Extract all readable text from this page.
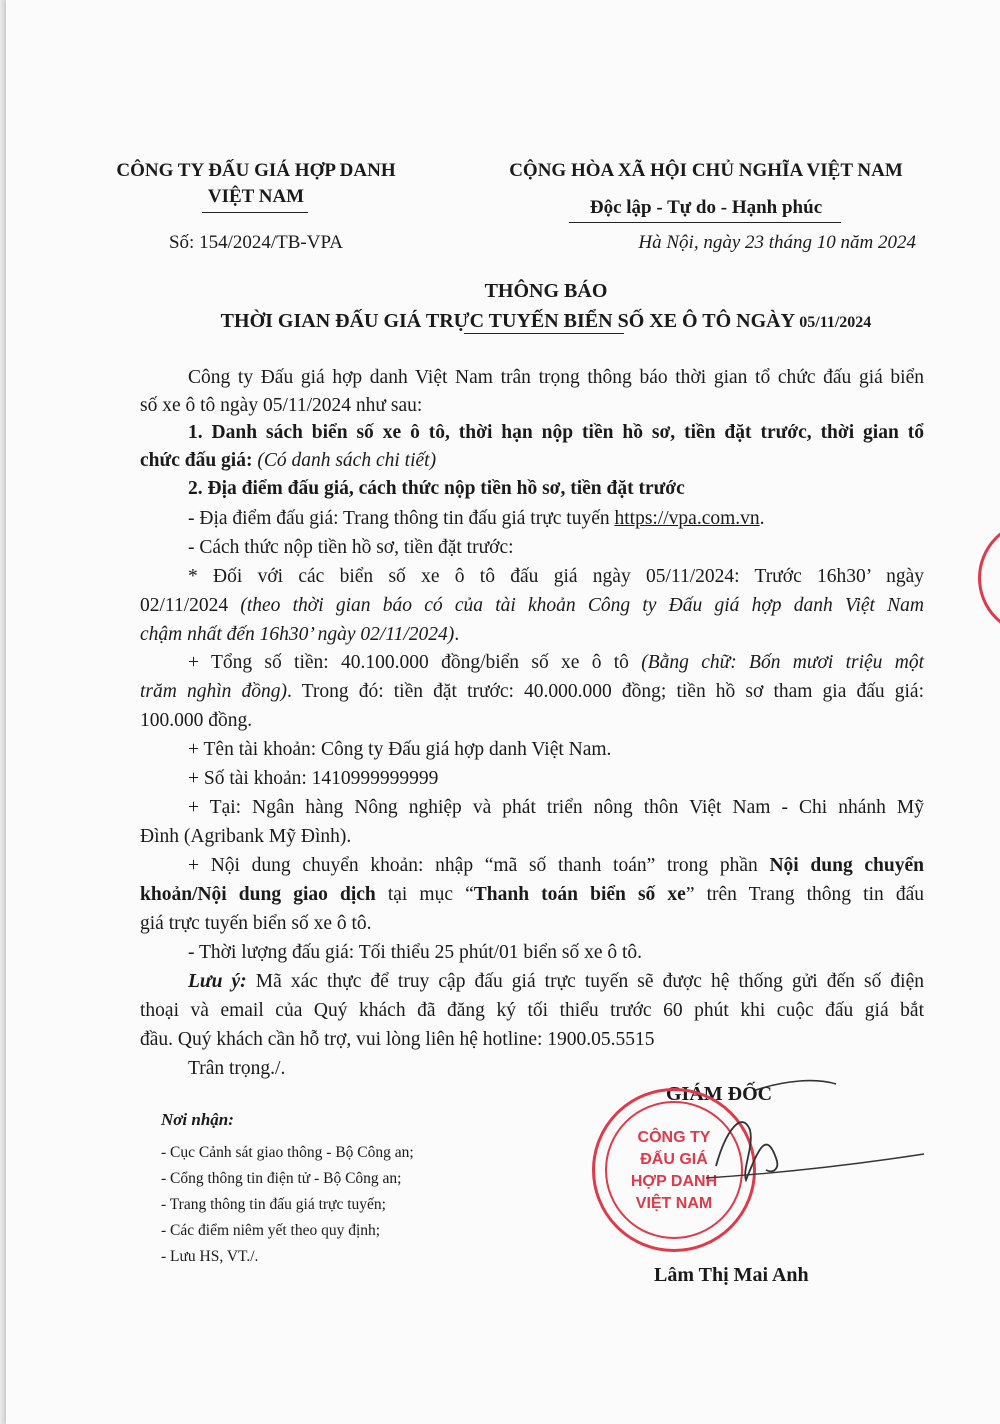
CÔNG TY ĐẤU GIÁ HỢP DANH
VIỆT NAM
Số: 154/2024/TB-VPA
CỘNG HÒA XÃ HỘI CHỦ NGHĨA VIỆT NAM
Độc lập - Tự do - Hạnh phúc
Hà Nội, ngày 23 tháng 10 năm 2024
THÔNG BÁO
THỜI GIAN ĐẤU GIÁ TRỰC TUYẾN BIỂN SỐ XE Ô TÔ NGÀY 05/11/2024
Công ty Đấu giá hợp danh Việt Nam trân trọng thông báo thời gian tổ chức đấu giá biển
số xe ô tô ngày 05/11/2024 như sau:
1. Danh sách biển số xe ô tô, thời hạn nộp tiền hồ sơ, tiền đặt trước, thời gian tổ
chức đấu giá: (Có danh sách chi tiết)
2. Địa điểm đấu giá, cách thức nộp tiền hồ sơ, tiền đặt trước
- Địa điểm đấu giá: Trang thông tin đấu giá trực tuyến https://vpa.com.vn.
- Cách thức nộp tiền hồ sơ, tiền đặt trước:
* Đối với các biển số xe ô tô đấu giá ngày 05/11/2024: Trước 16h30’ ngày
02/11/2024 (theo thời gian báo có của tài khoản Công ty Đấu giá hợp danh Việt Nam
chậm nhất đến 16h30’ ngày 02/11/2024).
+ Tổng số tiền: 40.100.000 đồng/biển số xe ô tô (Bằng chữ: Bốn mươi triệu một
trăm nghìn đồng). Trong đó: tiền đặt trước: 40.000.000 đồng; tiền hồ sơ tham gia đấu giá:
100.000 đồng.
+ Tên tài khoản: Công ty Đấu giá hợp danh Việt Nam.
+ Số tài khoản: 1410999999999
+ Tại: Ngân hàng Nông nghiệp và phát triển nông thôn Việt Nam - Chi nhánh Mỹ
Đình (Agribank Mỹ Đình).
+ Nội dung chuyển khoản: nhập “mã số thanh toán” trong phần Nội dung chuyển
khoản/Nội dung giao dịch tại mục “Thanh toán biển số xe” trên Trang thông tin đấu
giá trực tuyến biển số xe ô tô.
- Thời lượng đấu giá: Tối thiểu 25 phút/01 biển số xe ô tô.
Lưu ý: Mã xác thực để truy cập đấu giá trực tuyến sẽ được hệ thống gửi đến số điện
thoại và email của Quý khách đã đăng ký tối thiểu trước 60 phút khi cuộc đấu giá bắt
đầu. Quý khách cần hỗ trợ, vui lòng liên hệ hotline: 1900.05.5515
Trân trọng./.
Nơi nhận:
- Cục Cảnh sát giao thông - Bộ Công an;
- Cổng thông tin điện tử - Bộ Công an;
- Trang thông tin đấu giá trực tuyến;
- Các điểm niêm yết theo quy định;
- Lưu HS, VT./.
GIÁM ĐỐC
CÔNG TY
ĐẤU GIÁ
HỢP DANH
VIỆT NAM
Lâm Thị Mai Anh
